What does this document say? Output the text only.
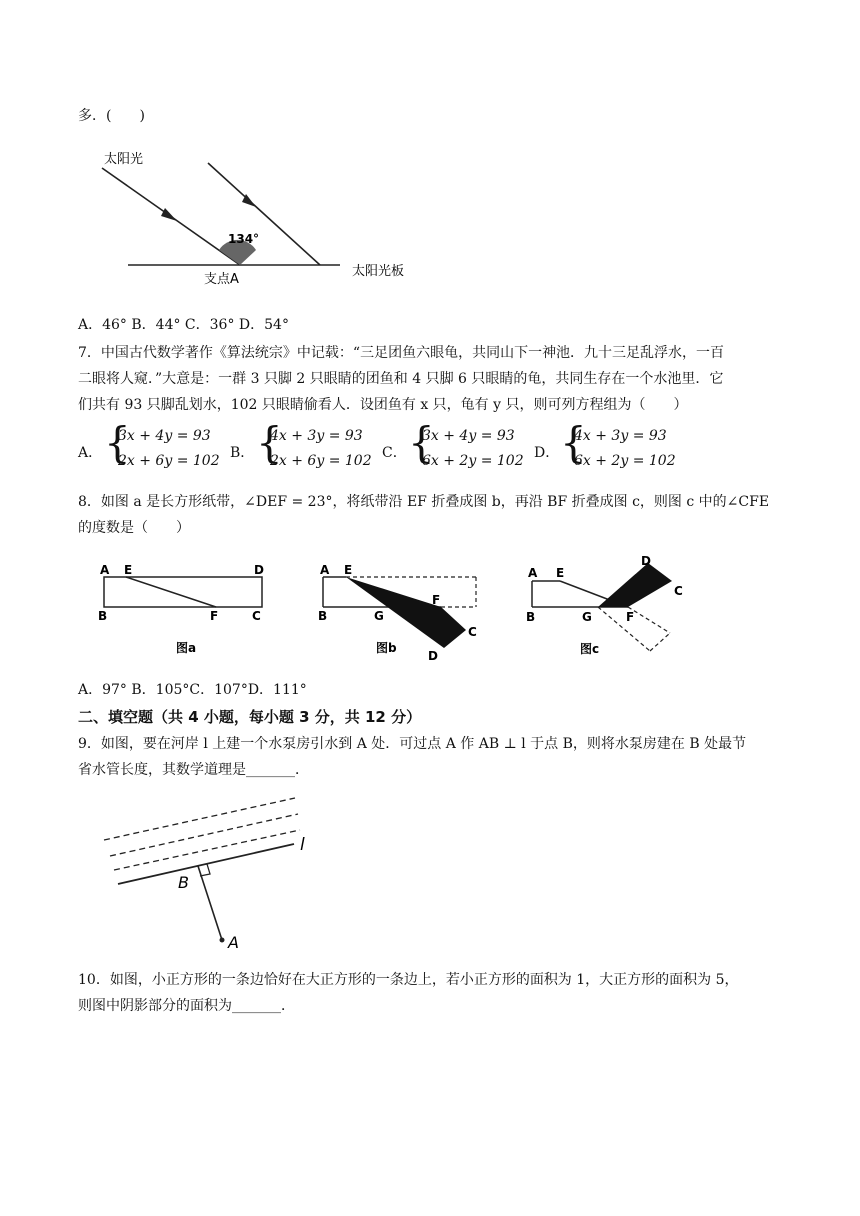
多．(　　)
太阳光
134°
支点A
太阳光板
A．46° B．44° C．36° D．54°
7．中国古代数学著作《算法统宗》中记载：“三足团鱼六眼龟，共同山下一神池．九十三足乱浮水，一百
二眼将人窥．”大意是：一群 3 只脚 2 只眼睛的团鱼和 4 只脚 6 只眼睛的龟，共同生存在一个水池里．它
们共有 93 只脚乱划水，102 只眼睛偷看人．设团鱼有 x 只，龟有 y 只，则可列方程组为（　　）
A． {
3x + 4y = 93
2x + 6y = 102 B． {
4x + 3y = 93
2x + 6y = 102 C． {
3x + 4y = 93
6x + 2y = 102 D． {
4x + 3y = 93
6x + 2y = 102
8．如图 a 是长方形纸带，∠DEF = 23°，将纸带沿 EF 折叠成图 b，再沿 BF 折叠成图 c，则图 c 中的∠CFE
的度数是（　　）
A E	D
B	F	C
图a
A E
B	G
F
C
D
图b
A E
D
C
B	G	F
图c
A．97° B．105°C．107°D．111°
二、填空题（共 4 小题，每小题 3 分，共 12 分）
9．如图，要在河岸 l 上建一个水泵房引水到 A 处．可过点 A 作 AB ⊥ l 于点 B，则将水泵房建在 B 处最节
省水管长度，其数学道理是_______．
l
B
A
10．如图，小正方形的一条边恰好在大正方形的一条边上，若小正方形的面积为 1，大正方形的面积为 5，
则图中阴影部分的面积为_______．
